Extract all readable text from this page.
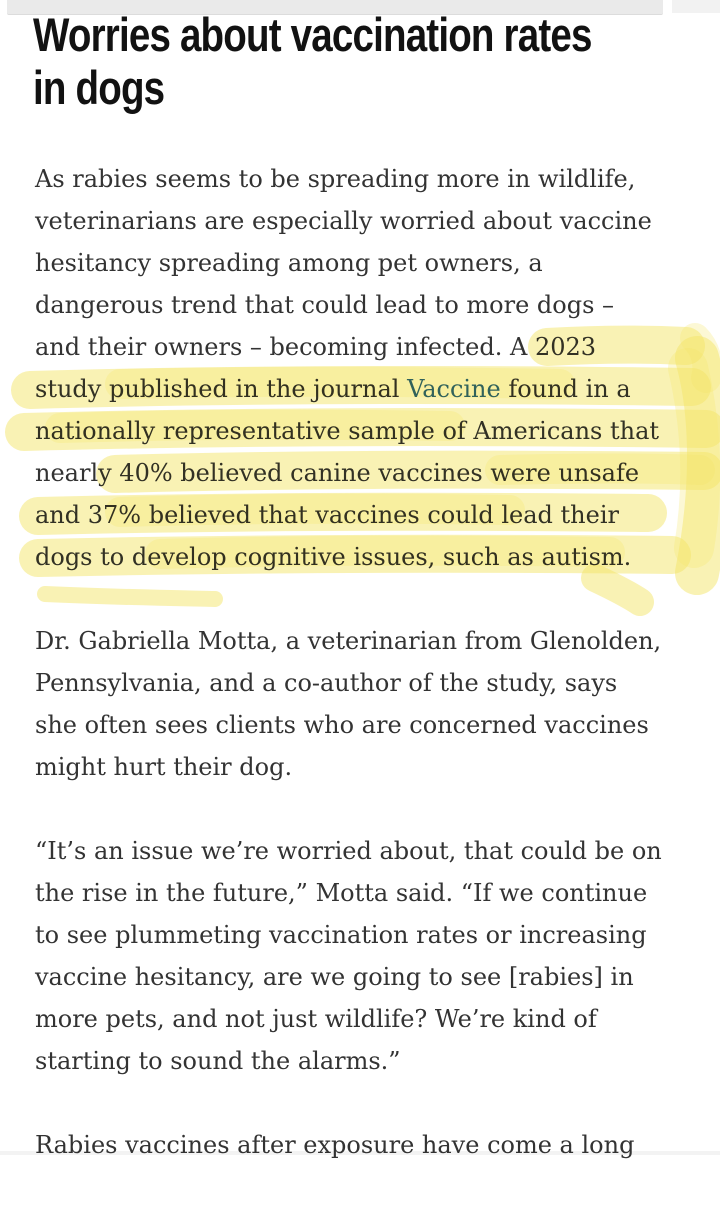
Worries about vaccination rates
in dogs
As rabies seems to be spreading more in wildlife,
veterinarians are especially worried about vaccine
hesitancy spreading among pet owners, a
dangerous trend that could lead to more dogs –
and their owners – becoming infected. A 2023
study published in the journal Vaccine found in a
nationally representative sample of Americans that
nearly 40% believed canine vaccines were unsafe
and 37% believed that vaccines could lead their
dogs to develop cognitive issues, such as autism.
Dr. Gabriella Motta, a veterinarian from Glenolden,
Pennsylvania, and a co-author of the study, says
she often sees clients who are concerned vaccines
might hurt their dog.
“It’s an issue we’re worried about, that could be on
the rise in the future,” Motta said. “If we continue
to see plummeting vaccination rates or increasing
vaccine hesitancy, are we going to see [rabies] in
more pets, and not just wildlife? We’re kind of
starting to sound the alarms.”
Rabies vaccines after exposure have come a long
